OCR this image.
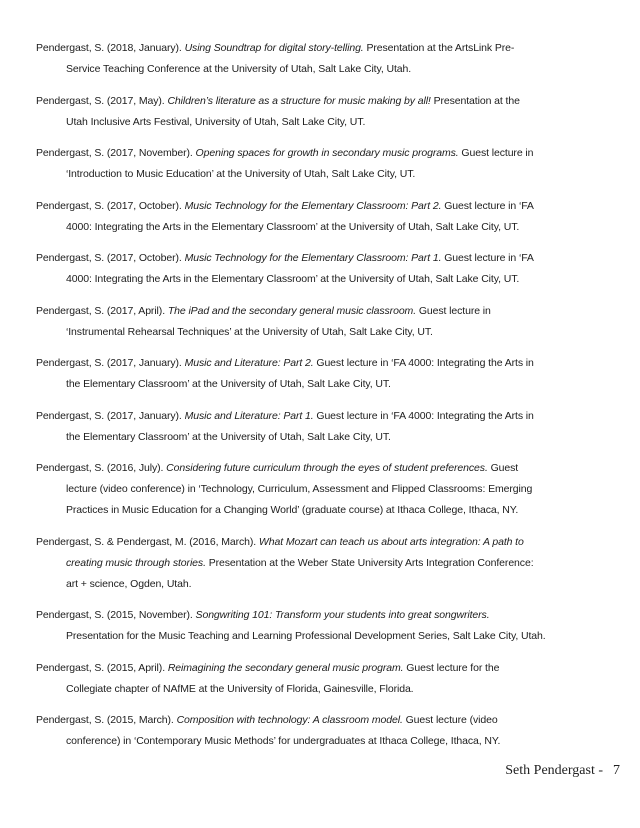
Pendergast, S. (2018, January). Using Soundtrap for digital story-telling. Presentation at the ArtsLink Pre-
Service Teaching Conference at the University of Utah, Salt Lake City, Utah.

Pendergast, S. (2017, May). Children’s literature as a structure for music making by all! Presentation at the
Utah Inclusive Arts Festival, University of Utah, Salt Lake City, UT.

Pendergast, S. (2017, November). Opening spaces for growth in secondary music programs. Guest lecture in
‘Introduction to Music Education’ at the University of Utah, Salt Lake City, UT.

Pendergast, S. (2017, October). Music Technology for the Elementary Classroom: Part 2. Guest lecture in ‘FA
4000: Integrating the Arts in the Elementary Classroom’ at the University of Utah, Salt Lake City, UT.

Pendergast, S. (2017, October). Music Technology for the Elementary Classroom: Part 1. Guest lecture in ‘FA
4000: Integrating the Arts in the Elementary Classroom’ at the University of Utah, Salt Lake City, UT.

Pendergast, S. (2017, April). The iPad and the secondary general music classroom. Guest lecture in
‘Instrumental Rehearsal Techniques’ at the University of Utah, Salt Lake City, UT.

Pendergast, S. (2017, January). Music and Literature: Part 2. Guest lecture in ‘FA 4000: Integrating the Arts in
the Elementary Classroom’ at the University of Utah, Salt Lake City, UT.

Pendergast, S. (2017, January). Music and Literature: Part 1. Guest lecture in ‘FA 4000: Integrating the Arts in
the Elementary Classroom’ at the University of Utah, Salt Lake City, UT.

Pendergast, S. (2016, July). Considering future curriculum through the eyes of student preferences. Guest
lecture (video conference) in ‘Technology, Curriculum, Assessment and Flipped Classrooms: Emerging
Practices in Music Education for a Changing World’ (graduate course) at Ithaca College, Ithaca, NY.

Pendergast, S. & Pendergast, M. (2016, March). What Mozart can teach us about arts integration: A path to
creating music through stories. Presentation at the Weber State University Arts Integration Conference:
art + science, Ogden, Utah.

Pendergast, S. (2015, November). Songwriting 101: Transform your students into great songwriters.
Presentation for the Music Teaching and Learning Professional Development Series, Salt Lake City, Utah.

Pendergast, S. (2015, April). Reimagining the secondary general music program. Guest lecture for the
Collegiate chapter of NAfME at the University of Florida, Gainesville, Florida.

Pendergast, S. (2015, March). Composition with technology: A classroom model. Guest lecture (video
conference) in ‘Contemporary Music Methods’ for undergraduates at Ithaca College, Ithaca, NY.

Seth Pendergast - 7
